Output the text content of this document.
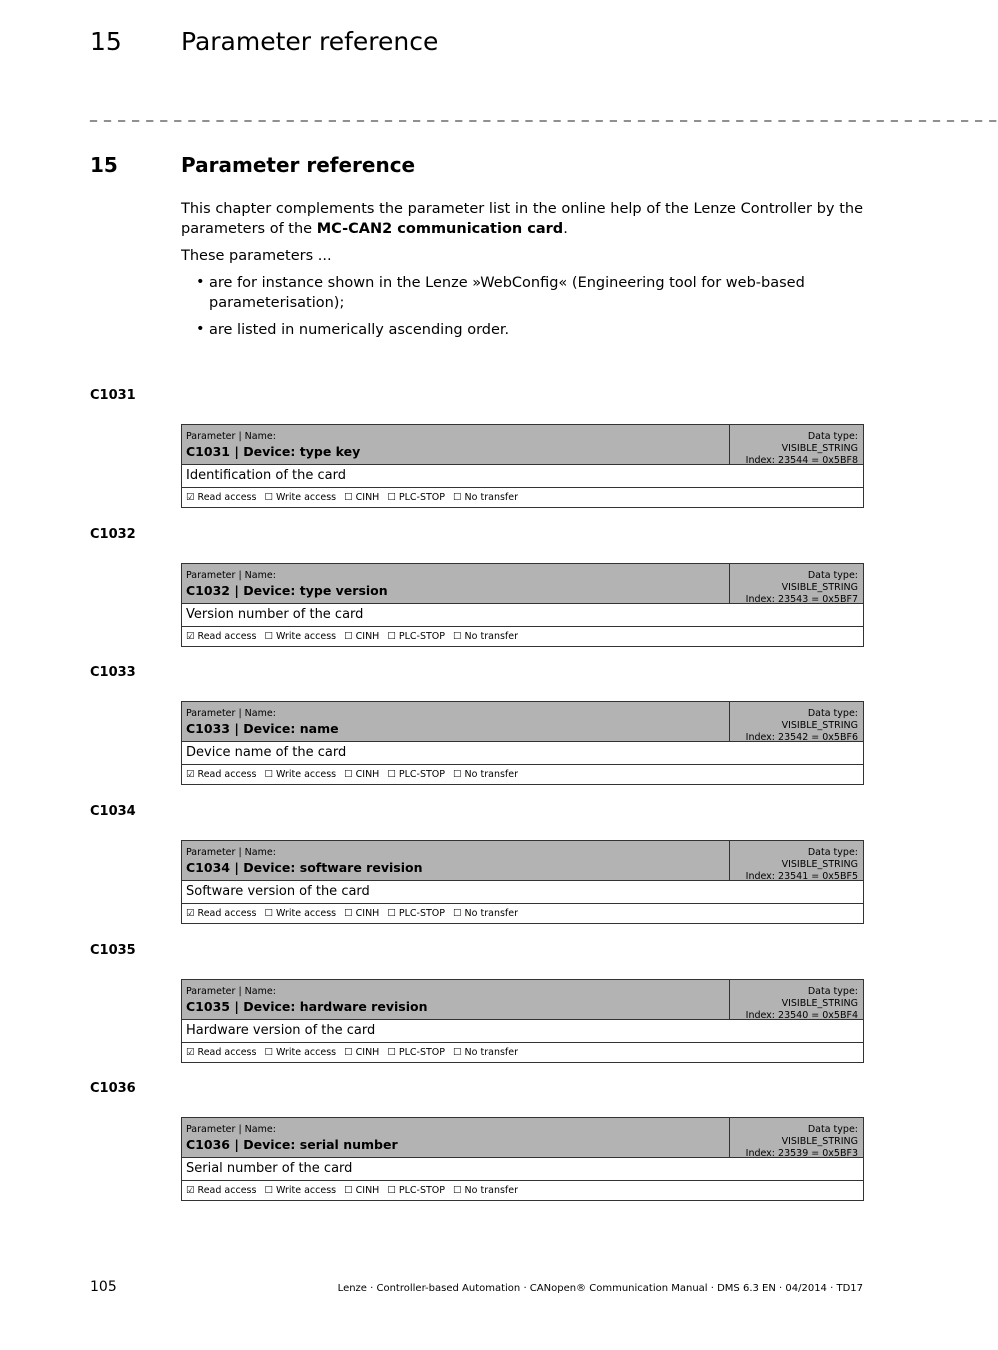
15 Parameter reference
_ _ _ _ _ _ _ _ _ _ _ _ _ _ _ _ _ _ _ _ _ _ _ _ _ _ _ _ _ _ _ _ _ _ _ _ _ _ _ _ _ _ _ _ _ _ _ _ _ _ _ _ _ _ _ _ _ _ _ _ _ _ _ _ _
15	Parameter reference
This chapter complements the parameter list in the online help of the Lenze Controller by the parameters of the MC-CAN2 communication card.
These parameters ...
• are for instance shown in the Lenze »WebConfig« (Engineering tool for web-based parameterisation);
• are listed in numerically ascending order.
C1031
Parameter | Name:
C1031 | Device: type key
Data type: VISIBLE_STRING
Index: 23544 = 0x5BF8
Identification of the card
☑ Read access ☐ Write access ☐ CINH ☐ PLC-STOP ☐ No transfer
C1032
Parameter | Name:
C1032 | Device: type version
Data type: VISIBLE_STRING
Index: 23543 = 0x5BF7
Version number of the card
☑ Read access ☐ Write access ☐ CINH ☐ PLC-STOP ☐ No transfer
C1033
Parameter | Name:
C1033 | Device: name
Data type: VISIBLE_STRING
Index: 23542 = 0x5BF6
Device name of the card
☑ Read access ☐ Write access ☐ CINH ☐ PLC-STOP ☐ No transfer
C1034
Parameter | Name:
C1034 | Device: software revision
Data type: VISIBLE_STRING
Index: 23541 = 0x5BF5
Software version of the card
☑ Read access ☐ Write access ☐ CINH ☐ PLC-STOP ☐ No transfer
C1035
Parameter | Name:
C1035 | Device: hardware revision
Data type: VISIBLE_STRING
Index: 23540 = 0x5BF4
Hardware version of the card
☑ Read access ☐ Write access ☐ CINH ☐ PLC-STOP ☐ No transfer
C1036
Parameter | Name:
C1036 | Device: serial number
Data type: VISIBLE_STRING
Index: 23539 = 0x5BF3
Serial number of the card
☑ Read access ☐ Write access ☐ CINH ☐ PLC-STOP ☐ No transfer
105	Lenze · Controller-based Automation · CANopen® Communication Manual · DMS 6.3 EN · 04/2014 · TD17
